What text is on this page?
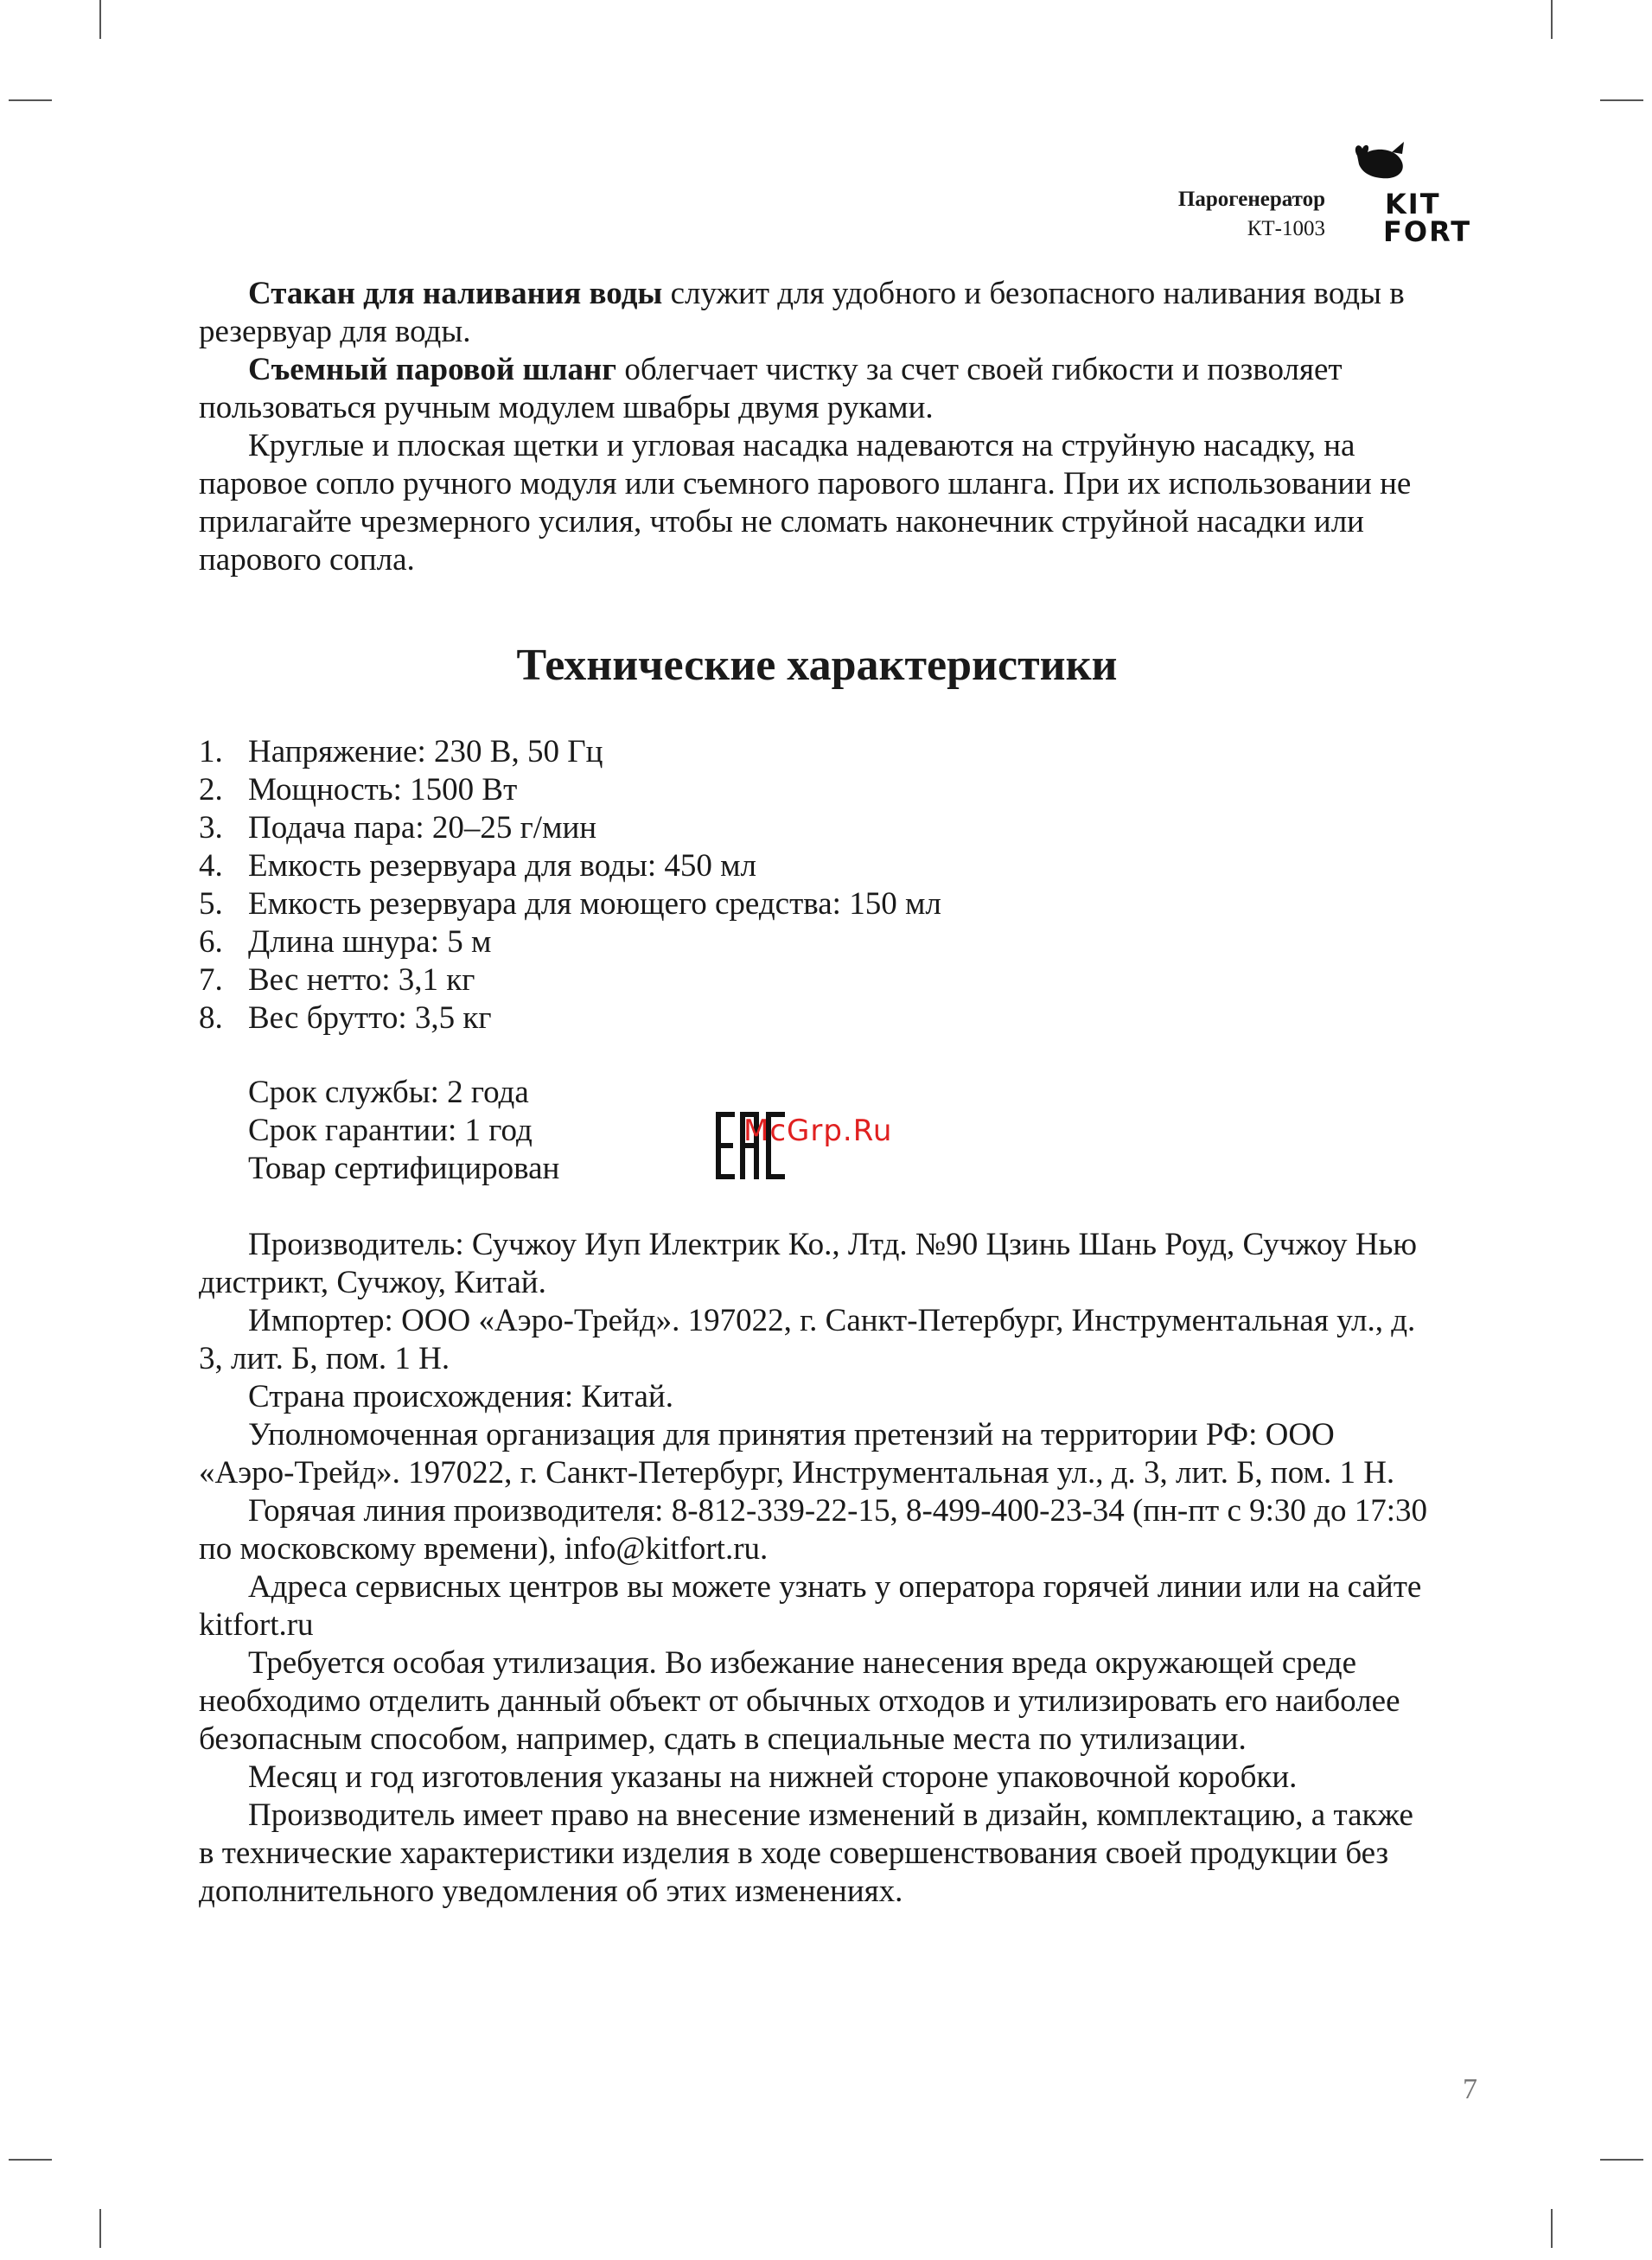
Парогенератор
КТ-1003
KIT
FORT

Стакан для наливания воды служит для удобного и безопасного наливания воды в резервуар для воды.

Съемный паровой шланг облегчает чистку за счет своей гибкости и позволяет пользоваться ручным модулем швабры двумя руками.

Круглые и плоская щетки и угловая насадка надеваются на струйную насадку, на паровое сопло ручного модуля или съемного парового шланга. При их использовании не прилагайте чрезмерного усилия, чтобы не сломать наконечник струйной насадки или парового сопла.

Технические характеристики
1. Напряжение: 230 В, 50 Гц
2. Мощность: 1500 Вт
3. Подача пара: 20–25 г/мин
4. Емкость резервуара для воды: 450 мл
5. Емкость резервуара для моющего средства: 150 мл
6. Длина шнура: 5 м
7. Вес нетто: 3,1 кг
8. Вес брутто: 3,5 кг
Срок службы: 2 года
Срок гарантии: 1 год
Товар сертифицирован
McGrp.Ru

Производитель: Сучжоу Иуп Илектрик Ко., Лтд. №90 Цзинь Шань Роуд, Сучжоу Нью дистрикт, Сучжоу, Китай.

Импортер: ООО «Аэро-Трейд». 197022, г. Санкт-Петербург, Инструментальная ул., д. 3, лит. Б, пом. 1 Н.

Страна происхождения: Китай.

Уполномоченная организация для принятия претензий на территории РФ: ООО «Аэро-Трейд». 197022, г. Санкт-Петербург, Инструментальная ул., д. 3, лит. Б, пом. 1 Н.

Горячая линия производителя: 8-812-339-22-15, 8-499-400-23-34 (пн-пт с 9:30 до 17:30 по московскому времени), info@kitfort.ru.

Адреса сервисных центров вы можете узнать у оператора горячей линии или на сайте kitfort.ru

Требуется особая утилизация. Во избежание нанесения вреда окружающей среде необходимо отделить данный объект от обычных отходов и утилизировать его наиболее безопасным способом, например, сдать в специальные места по утилизации.

Месяц и год изготовления указаны на нижней стороне упаковочной коробки.

Производитель имеет право на внесение изменений в дизайн, комплектацию, а также в технические характеристики изделия в ходе совершенствования своей продукции без дополнительного уведомления об этих изменениях.

7
